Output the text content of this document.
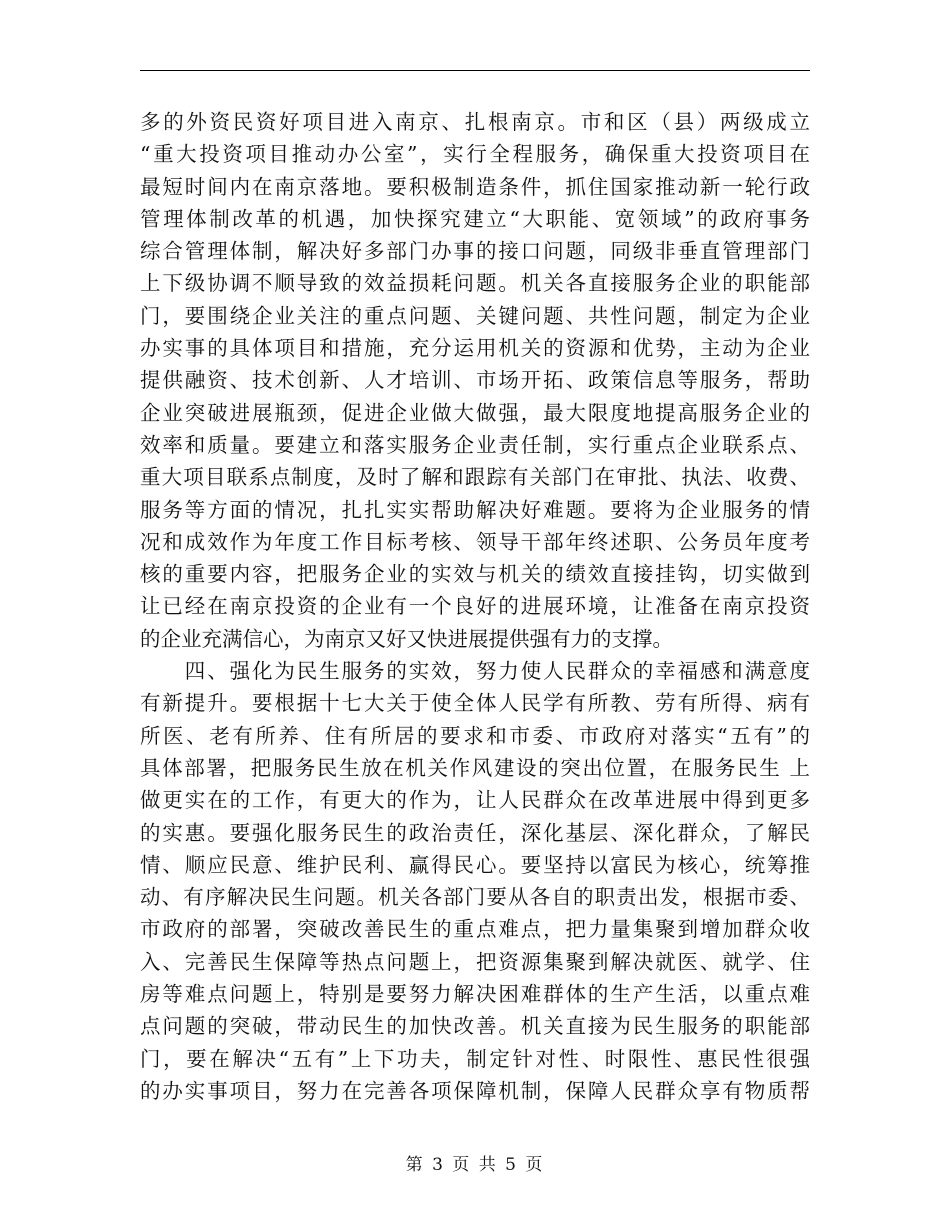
多的外资民资好项目进入南京、扎根南京。市和区（县）两级成立
“重大投资项目推动办公室”，实行全程服务，确保重大投资项目在
最短时间内在南京落地。要积极制造条件，抓住国家推动新一轮行政
管理体制改革的机遇，加快探究建立“大职能、宽领域”的政府事务
综合管理体制，解决好多部门办事的接口问题，同级非垂直管理部门
上下级协调不顺导致的效益损耗问题。机关各直接服务企业的职能部
门，要围绕企业关注的重点问题、关键问题、共性问题，制定为企业
办实事的具体项目和措施，充分运用机关的资源和优势，主动为企业
提供融资、技术创新、人才培训、市场开拓、政策信息等服务，帮助
企业突破进展瓶颈，促进企业做大做强，最大限度地提高服务企业的
效率和质量。要建立和落实服务企业责任制，实行重点企业联系点、
重大项目联系点制度，及时了解和跟踪有关部门在审批、执法、收费、
服务等方面的情况，扎扎实实帮助解决好难题。要将为企业服务的情
况和成效作为年度工作目标考核、领导干部年终述职、公务员年度考
核的重要内容，把服务企业的实效与机关的绩效直接挂钩，切实做到
让已经在南京投资的企业有一个良好的进展环境，让准备在南京投资
的企业充满信心，为南京又好又快进展提供强有力的支撑。
　　四、强化为民生服务的实效，努力使人民群众的幸福感和满意度
有新提升。要根据十七大关于使全体人民学有所教、劳有所得、病有
所医、老有所养、住有所居的要求和市委、市政府对落实“五有”的
具体部署，把服务民生放在机关作风建设的突出位置，在服务民生 上
做更实在的工作，有更大的作为，让人民群众在改革进展中得到更多
的实惠。要强化服务民生的政治责任，深化基层、深化群众，了解民
情、顺应民意、维护民利、赢得民心。要坚持以富民为核心，统筹推
动、有序解决民生问题。机关各部门要从各自的职责出发，根据市委、
市政府的部署，突破改善民生的重点难点，把力量集聚到增加群众收
入、完善民生保障等热点问题上，把资源集聚到解决就医、就学、住
房等难点问题上，特别是要努力解决困难群体的生产生活，以重点难
点问题的突破，带动民生的加快改善。机关直接为民生服务的职能部
门，要在解决“五有”上下功夫，制定针对性、时限性、惠民性很强
的办实事项目，努力在完善各项保障机制，保障人民群众享有物质帮
第 3 页 共 5 页
